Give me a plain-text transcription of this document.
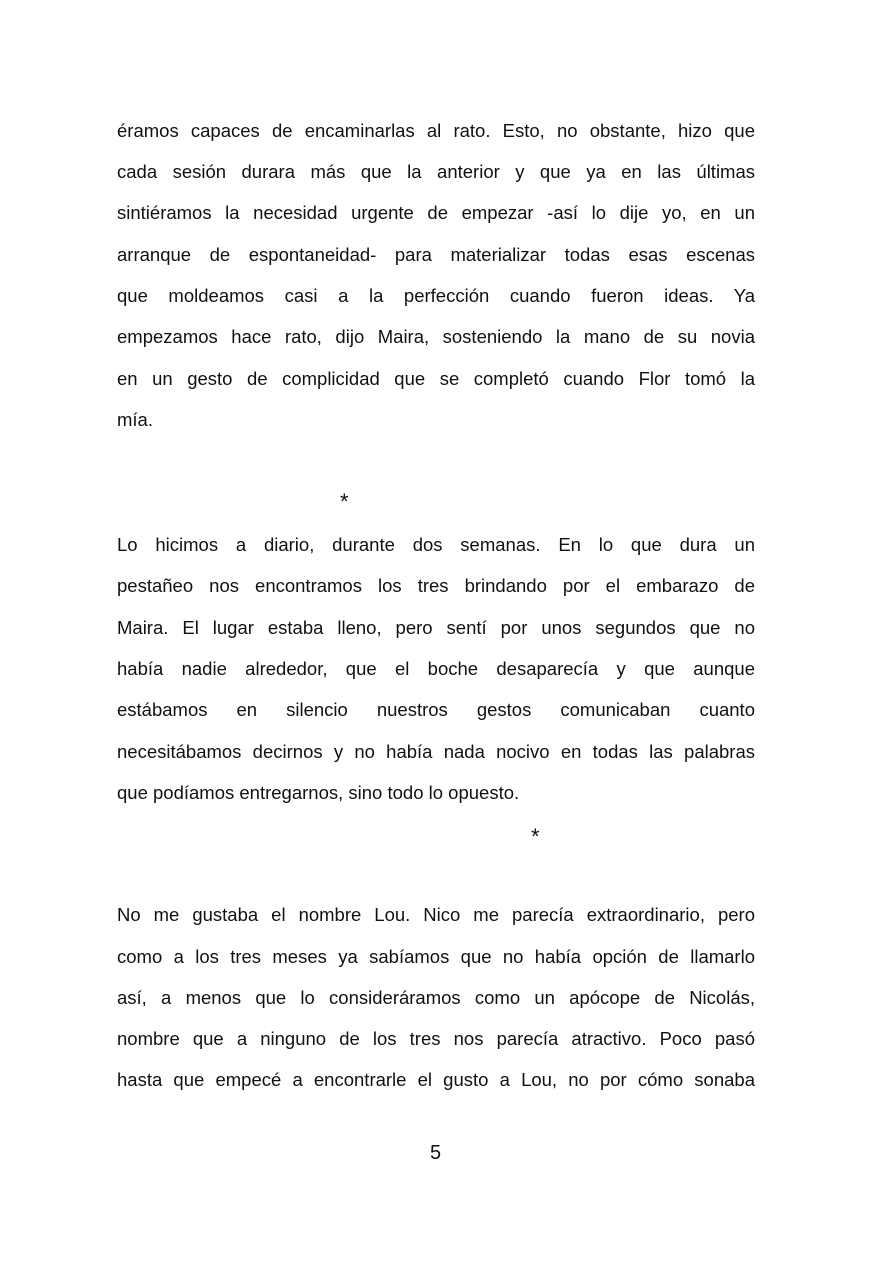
éramos capaces de encaminarlas al rato. Esto, no obstante, hizo que
cada sesión durara más que la anterior y que ya en las últimas
sintiéramos la necesidad urgente de empezar -así lo dije yo, en un
arranque de espontaneidad- para materializar todas esas escenas
que moldeamos casi a la perfección cuando fueron ideas. Ya
empezamos hace rato, dijo Maira, sosteniendo la mano de su novia
en un gesto de complicidad que se completó cuando Flor tomó la
mía.
Lo hicimos a diario, durante dos semanas. En lo que dura un
pestañeo nos encontramos los tres brindando por el embarazo de
Maira. El lugar estaba lleno, pero sentí por unos segundos que no
había nadie alrededor, que el boche desaparecía y que aunque
estábamos en silencio nuestros gestos comunicaban cuanto
necesitábamos decirnos y no había nada nocivo en todas las palabras
que podíamos entregarnos, sino todo lo opuesto.
No me gustaba el nombre Lou. Nico me parecía extraordinario, pero
como a los tres meses ya sabíamos que no había opción de llamarlo
así, a menos que lo consideráramos como un apócope de Nicolás,
nombre que a ninguno de los tres nos parecía atractivo. Poco pasó
hasta que empecé a encontrarle el gusto a Lou, no por cómo sonaba
*
*
5
